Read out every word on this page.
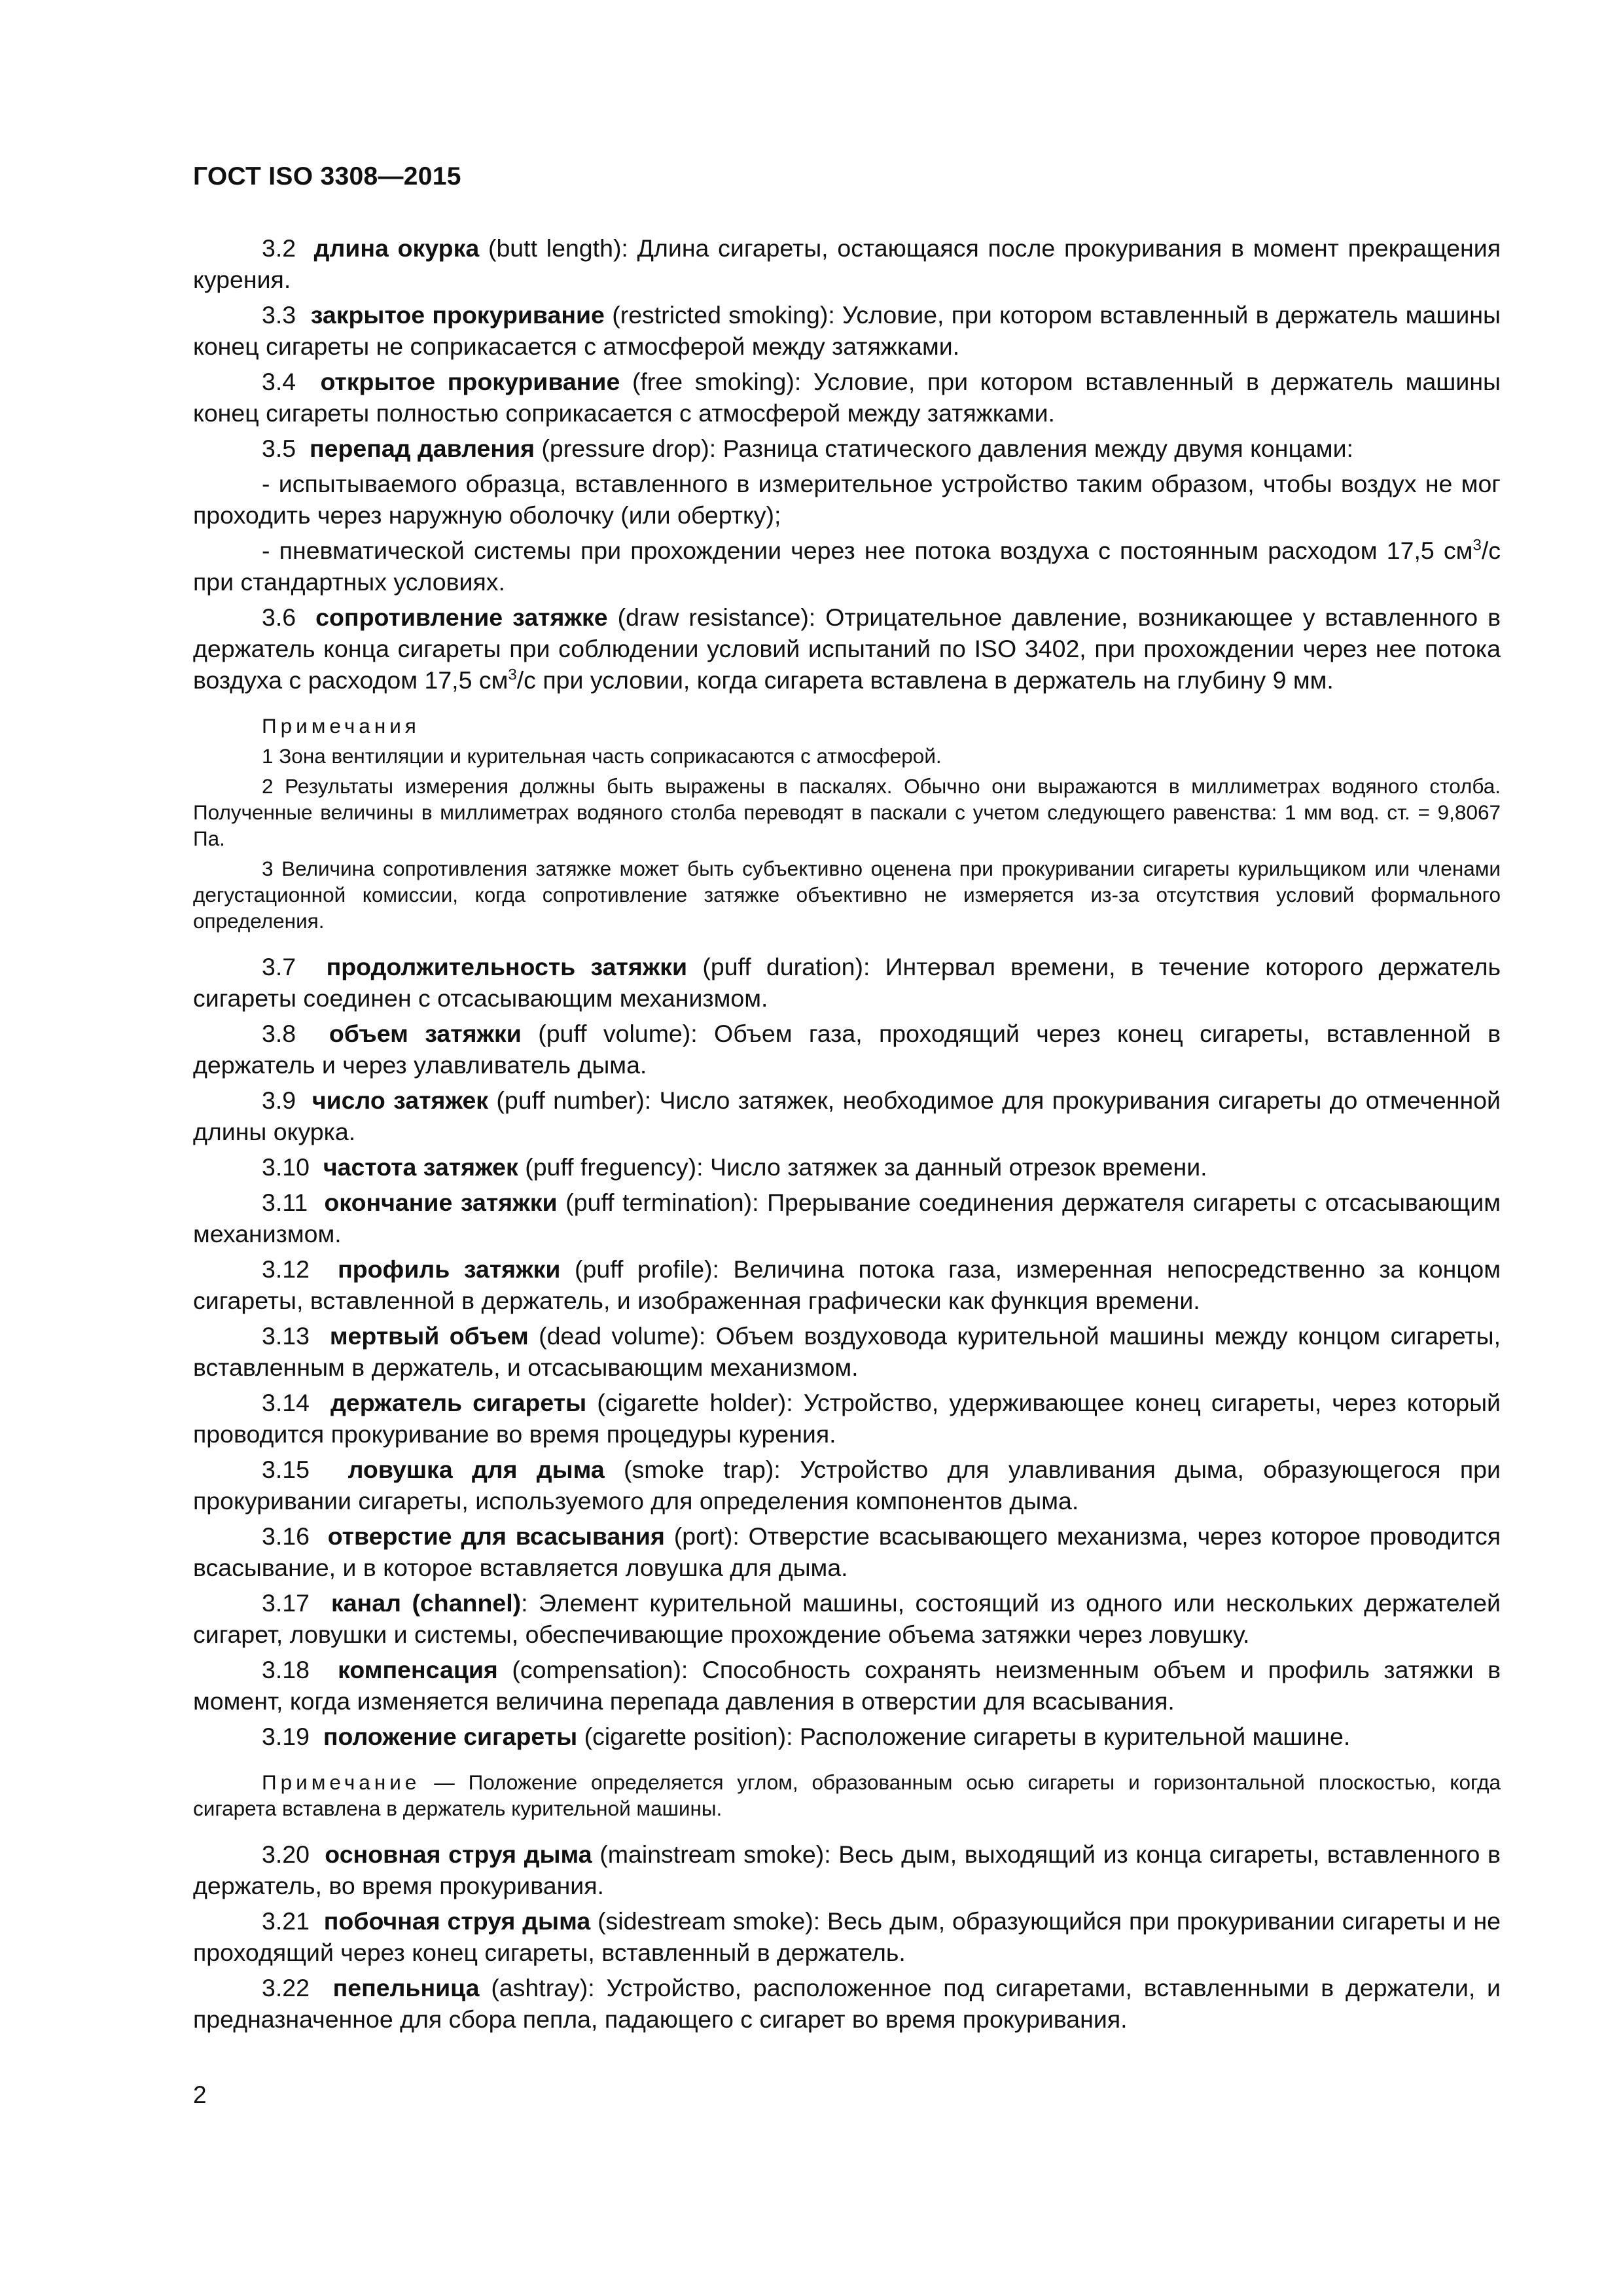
ГОСТ ISO 3308—2015

3.2 длина окурка (butt length): Длина сигареты, остающаяся после прокуривания в момент прекращения курения.

3.3 закрытое прокуривание (restricted smoking): Условие, при котором вставленный в держатель машины конец сигареты не соприкасается с атмосферой между затяжками.

3.4 открытое прокуривание (free smoking): Условие, при котором вставленный в держатель машины конец сигареты полностью соприкасается с атмосферой между затяжками.

3.5 перепад давления (pressure drop): Разница статического давления между двумя концами:

- испытываемого образца, вставленного в измерительное устройство таким образом, чтобы воздух не мог проходить через наружную оболочку (или обертку);

- пневматической системы при прохождении через нее потока воздуха с постоянным расходом 17,5 $см^3/с$ при стандартных условиях.

3.6 сопротивление затяжке (draw resistance): Отрицательное давление, возникающее у вставленного в держатель конца сигареты при соблюдении условий испытаний по ISO 3402, при прохождении через нее потока воздуха с расходом 17,5 $см^3/с$ при условии, когда сигарета вставлена в держатель на глубину 9 мм.

Примечания

1 Зона вентиляции и курительная часть соприкасаются с атмосферой.

2 Результаты измерения должны быть выражены в паскалях. Обычно они выражаются в миллиметрах водяного столба. Полученные величины в миллиметрах водяного столба переводят в паскали с учетом следующего равенства: 1 мм вод. ст. = 9,8067 Па.

3 Величина сопротивления затяжке может быть субъективно оценена при прокуривании сигареты курильщиком или членами дегустационной комиссии, когда сопротивление затяжке объективно не измеряется из-за отсутствия условий формального определения.

3.7 продолжительность затяжки (puff duration): Интервал времени, в течение которого держатель сигареты соединен с отсасывающим механизмом.

3.8 объем затяжки (puff volume): Объем газа, проходящий через конец сигареты, вставленной в держатель и через улавливатель дыма.

3.9 число затяжек (puff number): Число затяжек, необходимое для прокуривания сигареты до отмеченной длины окурка.

3.10 частота затяжек (puff freguency): Число затяжек за данный отрезок времени.

3.11 окончание затяжки (puff termination): Прерывание соединения держателя сигареты с отсасывающим механизмом.

3.12 профиль затяжки (puff profile): Величина потока газа, измеренная непосредственно за концом сигареты, вставленной в держатель, и изображенная графически как функция времени.

3.13 мертвый объем (dead volume): Объем воздуховода курительной машины между концом сигареты, вставленным в держатель, и отсасывающим механизмом.

3.14 держатель сигареты (cigarette holder): Устройство, удерживающее конец сигареты, через который проводится прокуривание во время процедуры курения.

3.15 ловушка для дыма (smoke trap): Устройство для улавливания дыма, образующегося при прокуривании сигареты, используемого для определения компонентов дыма.

3.16 отверстие для всасывания (port): Отверстие всасывающего механизма, через которое проводится всасывание, и в которое вставляется ловушка для дыма.

3.17 канал (channel): Элемент курительной машины, состоящий из одного или нескольких держателей сигарет, ловушки и системы, обеспечивающие прохождение объема затяжки через ловушку.

3.18 компенсация (compensation): Способность сохранять неизменным объем и профиль затяжки в момент, когда изменяется величина перепада давления в отверстии для всасывания.

3.19 положение сигареты (cigarette position): Расположение сигареты в курительной машине.

Примечание — Положение определяется углом, образованным осью сигареты и горизонтальной плоскостью, когда сигарета вставлена в держатель курительной машины.

3.20 основная струя дыма (mainstream smoke): Весь дым, выходящий из конца сигареты, вставленного в держатель, во время прокуривания.

3.21 побочная струя дыма (sidestream smoke): Весь дым, образующийся при прокуривании сигареты и не проходящий через конец сигареты, вставленный в держатель.

3.22 пепельница (ashtray): Устройство, расположенное под сигаретами, вставленными в держатели, и предназначенное для сбора пепла, падающего с сигарет во время прокуривания.

2
